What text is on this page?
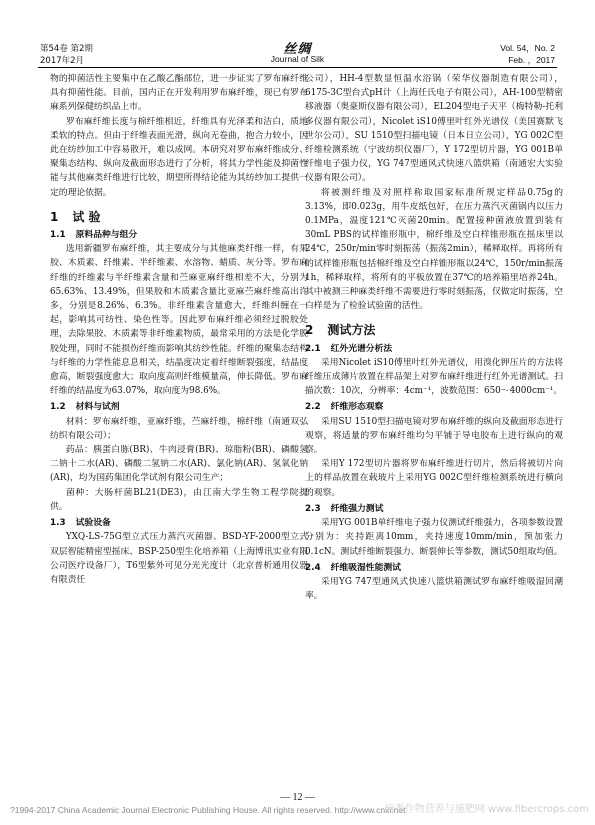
第54卷 第2期
2017年2月
丝绸
Journal of Silk
Vol. 54，No. 2
Feb. ，2017

物的抑菌活性主要集中在乙酸乙酯部位，进一步证实了罗布麻纤维具有抑菌性能。目前，国内正在开发利用罗布麻纤维，现已有罗布麻系列保健纺织品上市。

罗布麻纤维长度与棉纤维相近，纤维具有光泽柔和洁白，质地柔软的特点。但由于纤维表面光滑，纵向无卷曲，抱合力较小，因此在纺纱加工中容易散开，难以成网。本研究对罗布麻纤维成分、聚集态结构、纵向及截面形态进行了分析，将其力学性能及抑菌性能与其他麻类纤维进行比较，期望所得结论能为其纺纱加工提供一定的理论依据。

1 试 验
1.1 原料品种与组分

选用新疆罗布麻纤维，其主要成分与其他麻类纤维一样，有果胶、木质素、纤维素、半纤维素、水溶物、蜡质、灰分等。罗布麻纤维的纤维素与半纤维素含量和苎麻亚麻纤维相差不大，分别为65.63%、13.49%，但果胶和木质素含量比亚麻苎麻纤维高出许多，分别是8.26%、6.3%。非纤维素含量愈大，纤维纠缠在一起，影响其可纺性、染色性等。因此罗布麻纤维必须经过脱胶处理，去除果胶、木质素等非纤维素物质，最常采用的方法是化学脱胶处理，同时不能损伤纤维而影响其纺纱性能。纤维的聚集态结构与纤维的力学性能息息相关，结晶度决定着纤维断裂强度，结晶度愈高，断裂强度愈大；取向度高则纤维模量高，伸长降低。罗布麻纤维的结晶度为63.07%，取向度为98.6%。

1.2 材料与试剂

材料：罗布麻纤维，亚麻纤维，苎麻纤维，棉纤维（南通双弘纺织有限公司）；

药品：胰蛋白胨(BR)、牛肉浸膏(BR)、琼脂粉(BR)、磷酸氢二钠十二水(AR)、磷酸二氢钠二水(AR)、氯化钠(AR)、氢氧化钠(AR)，均为国药集团化学试剂有限公司生产；

菌种：大肠杆菌BL21(DE3)，由江南大学生物工程学院提供。

1.3 试验设备

YXQ-LS-75G型立式压力蒸汽灭菌器、BSD-YF-2000型立式双层智能精密型摇床、BSP-250型生化培养箱（上海博讯实业有限公司医疗设备厂），T6型紫外可见分光光度计（北京普析通用仪器有限责任

公司），HH-4型数显恒温水浴锅（荣华仪器制造有限公司），6175-3C型台式pH计（上海任氏电子有限公司），AH-100型精密移液器（奥豪斯仪器有限公司），EL204型电子天平（梅特勒-托利多仪器有限公司），Nicolet iS10傅里叶红外光谱仪（美国赛默飞世尔公司），SU 1510型扫描电镜（日本日立公司），YG 002C型纤维检测系统（宁波纺织仪器厂），Y 172型切片器，YG 001B单纤维电子强力仪，YG 747型通风式快速八篮烘箱（南通宏大实验仪器有限公司）。

将被测纤维及对照样称取国家标准所规定样品0.75g的3.13%，即0.023g，用牛皮纸包好，在压力蒸汽灭菌锅内以压力0.1MPa，温度121℃灭菌20min。配置接种菌液放置到装有30mL PBS的试样锥形瓶中，棉纤维及空白样锥形瓶在摇床里以24℃，250r/min零时刻振荡（振荡2min），稀释取样。再将所有的试样锥形瓶包括棉纤维及空白样锥形瓶以24℃，150r/min振荡1h，稀释取样，将所有的平板放置在37℃的培养箱里培养24h。其中被测三种麻类纤维不需要进行零时刻振荡，仅做定时振荡，空白样是为了检验试验菌的活性。

2 测试方法
2.1 红外光谱分析法

采用Nicolet iS10傅里叶红外光谱仪，用溴化钾压片的方法将纤维压成薄片放置在样品架上对罗布麻纤维进行红外光谱测试。扫描次数：10次，分辨率：4cm⁻¹，波数范围：650～4000cm⁻¹。

2.2 纤维形态观察

采用SU 1510型扫描电镜对罗布麻纤维的纵向及截面形态进行观察，将适量的罗布麻纤维均匀平铺于导电胶布上进行纵向的观察。

采用Y 172型切片器将罗布麻纤维进行切片，然后将被切片向上的样品放置在载玻片上采用YG 002C型纤维检测系统进行横向的观察。

2.3 纤维强力测试

采用YG 001B单纤维电子强力仪测试纤维强力，各项参数设置分别为：夹持距离10mm，夹持速度10mm/min，预加张力0.1cN。测试纤维断裂强力、断裂伸长等参数，测试50组取均值。

2.4 纤维吸湿性能测试

采用YG 747型通风式快速八篮烘箱测试罗布麻纤维吸湿回潮率。

— 12 —
?1994-2017 China Academic Journal Electronic Publishing House. All rights reserved. http://www.cnki.net
麻类作物营养与施肥网 www.fibercrops.com
